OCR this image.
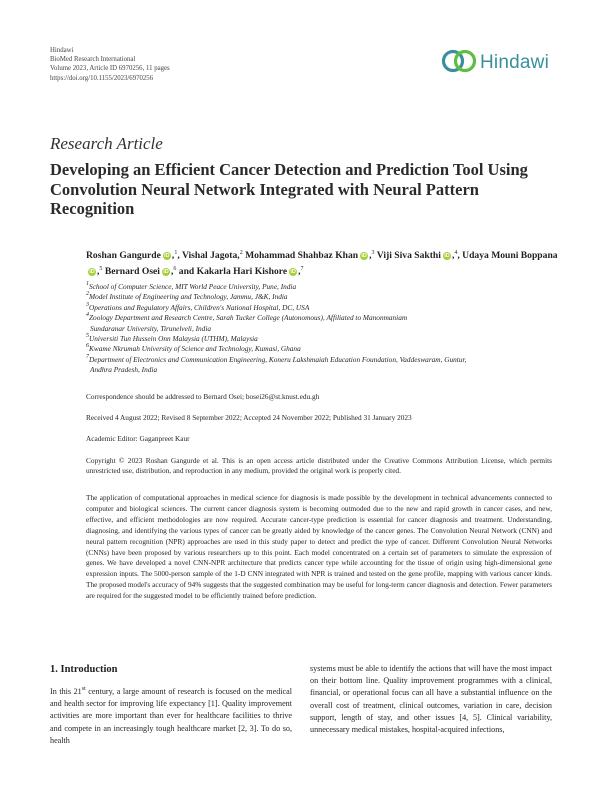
Hindawi
BioMed Research International
Volume 2023, Article ID 6970256, 11 pages
https://doi.org/10.1155/2023/6970256
Hindawi
Research Article
Developing an Efficient Cancer Detection and Prediction Tool Using Convolution Neural Network Integrated with Neural Pattern Recognition
Roshan Gangurde iD ,$^1$, Vishal Jagota,$^2$ Mohammad Shahbaz Khan iD ,$^3$ Viji Siva Sakthi iD ,$^4$, Udaya Mouni BoppanaiD ,$^5$ Bernard Osei iD ,$^6$ and Kakarla Hari Kishore iD ,$^7$
$^1$School of Computer Science, MIT World Peace University, Pune, India
$^2$Model Institute of Engineering and Technology, Jammu, J&K, India
$^3$Operations and Regulatory Affairs, Children's National Hospital, DC, USA
$^4$Zoology Department and Research Centre, Sarah Tucker College (Autonomous), Affiliated to Manonmaniam
Sundaranar University, Tirunelveli, India
$^5$Universiti Tun Hussein Onn Malaysia (UTHM), Malaysia
$^6$Kwame Nkrumah University of Science and Technology, Kumasi, Ghana
$^7$Department of Electronics and Communication Engineering, Koneru Lakshmaiah Education Foundation, Vaddeswaram, Guntur,
Andhra Pradesh, India
Correspondence should be addressed to Bernard Osei; bosei26@st.knust.edu.gh
Received 4 August 2022; Revised 8 September 2022; Accepted 24 November 2022; Published 31 January 2023
Academic Editor: Gaganpreet Kaur
Copyright © 2023 Roshan Gangurde et al. This is an open access article distributed under the Creative Commons Attribution License, which permits unrestricted use, distribution, and reproduction in any medium, provided the original work is properly cited.
The application of computational approaches in medical science for diagnosis is made possible by the development in technical advancements connected to computer and biological sciences. The current cancer diagnosis system is becoming outmoded due to the new and rapid growth in cancer cases, and new, effective, and efficient methodologies are now required. Accurate cancer-type prediction is essential for cancer diagnosis and treatment. Understanding, diagnosing, and identifying the various types of cancer can be greatly aided by knowledge of the cancer genes. The Convolution Neural Network (CNN) and neural pattern recognition (NPR) approaches are used in this study paper to detect and predict the type of cancer. Different Convolution Neural Networks (CNNs) have been proposed by various researchers up to this point. Each model concentrated on a certain set of parameters to simulate the expression of genes. We have developed a novel CNN-NPR architecture that predicts cancer type while accounting for the tissue of origin using high-dimensional gene expression inputs. The 5000-person sample of the 1-D CNN integrated with NPR is trained and tested on the gene profile, mapping with various cancer kinds. The proposed model's accuracy of 94% suggests that the suggested combination may be useful for long-term cancer diagnosis and detection. Fewer parameters are required for the suggested model to be efficiently trained before prediction.
1. Introduction
In this 21st century, a large amount of research is focused on the medical and health sector for improving life expectancy [1]. Quality improvement activities are more important than ever for healthcare facilities to thrive and compete in an increasingly tough healthcare market [2, 3]. To do so, health
systems must be able to identify the actions that will have the most impact on their bottom line. Quality improvement programmes with a clinical, financial, or operational focus can all have a substantial influence on the overall cost of treatment, clinical outcomes, variation in care, decision support, length of stay, and other issues [4, 5]. Clinical variability, unnecessary medical mistakes, hospital-acquired infections,
